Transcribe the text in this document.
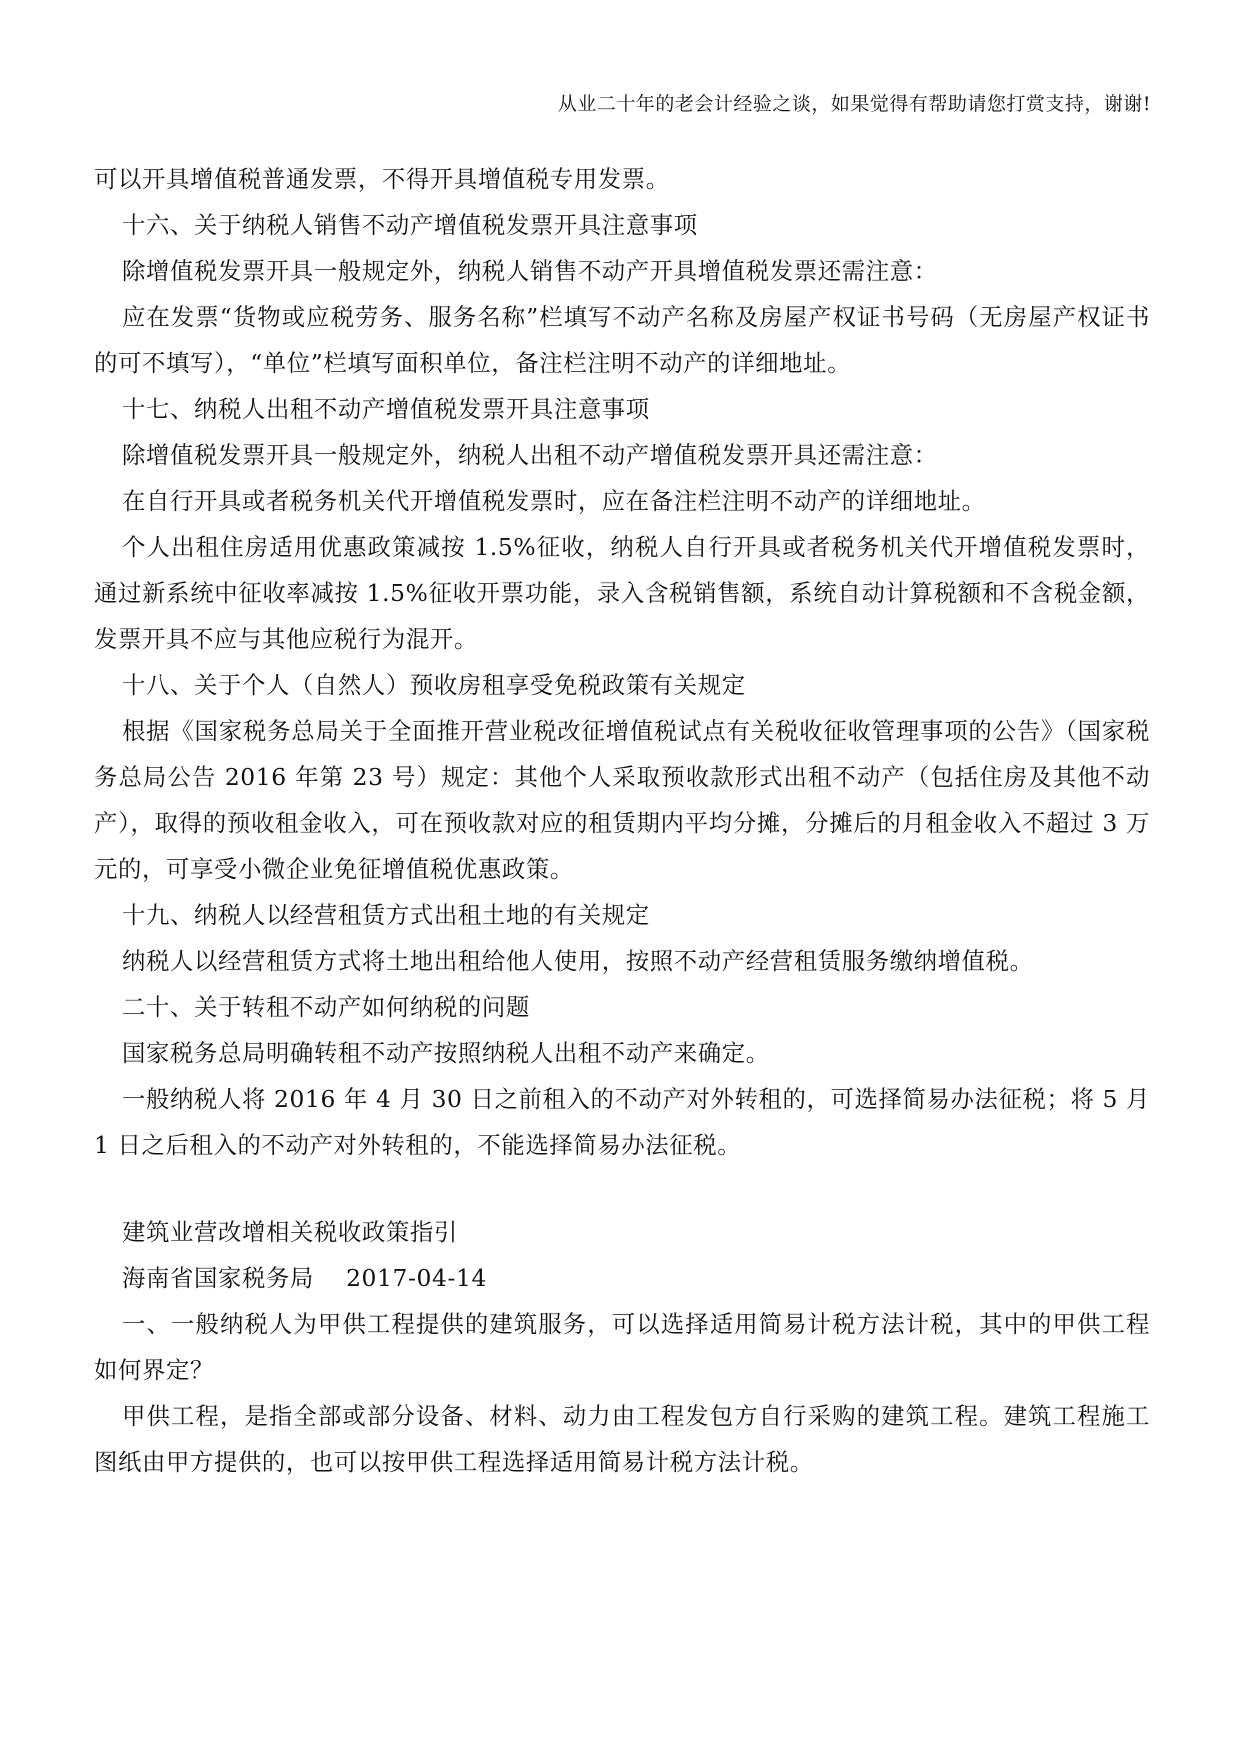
从业二十年的老会计经验之谈，如果觉得有帮助请您打赏支持，谢谢!

可以开具增值税普通发票，不得开具增值税专用发票。

十六、关于纳税人销售不动产增值税发票开具注意事项

除增值税发票开具一般规定外，纳税人销售不动产开具增值税发票还需注意：

应在发票“货物或应税劳务、服务名称”栏填写不动产名称及房屋产权证书号码（无房屋产权证书的可不填写），“单位”栏填写面积单位，备注栏注明不动产的详细地址。

十七、纳税人出租不动产增值税发票开具注意事项

除增值税发票开具一般规定外，纳税人出租不动产增值税发票开具还需注意：

在自行开具或者税务机关代开增值税发票时，应在备注栏注明不动产的详细地址。

个人出租住房适用优惠政策减按 1.5%征收，纳税人自行开具或者税务机关代开增值税发票时，通过新系统中征收率减按 1.5%征收开票功能，录入含税销售额，系统自动计算税额和不含税金额，发票开具不应与其他应税行为混开。

十八、关于个人（自然人）预收房租享受免税政策有关规定

根据《国家税务总局关于全面推开营业税改征增值税试点有关税收征收管理事项的公告》（国家税务总局公告 2016 年第 23 号）规定：其他个人采取预收款形式出租不动产（包括住房及其他不动产），取得的预收租金收入，可在预收款对应的租赁期内平均分摊，分摊后的月租金收入不超过 3 万元的，可享受小微企业免征增值税优惠政策。

十九、纳税人以经营租赁方式出租土地的有关规定

纳税人以经营租赁方式将土地出租给他人使用，按照不动产经营租赁服务缴纳增值税。

二十、关于转租不动产如何纳税的问题

国家税务总局明确转租不动产按照纳税人出租不动产来确定。

一般纳税人将 2016 年 4 月 30 日之前租入的不动产对外转租的，可选择简易办法征税；将 5 月 1 日之后租入的不动产对外转租的，不能选择简易办法征税。

建筑业营改增相关税收政策指引

海南省国家税务局    2017-04-14

一、一般纳税人为甲供工程提供的建筑服务，可以选择适用简易计税方法计税，其中的甲供工程如何界定？

甲供工程，是指全部或部分设备、材料、动力由工程发包方自行采购的建筑工程。建筑工程施工图纸由甲方提供的，也可以按甲供工程选择适用简易计税方法计税。
